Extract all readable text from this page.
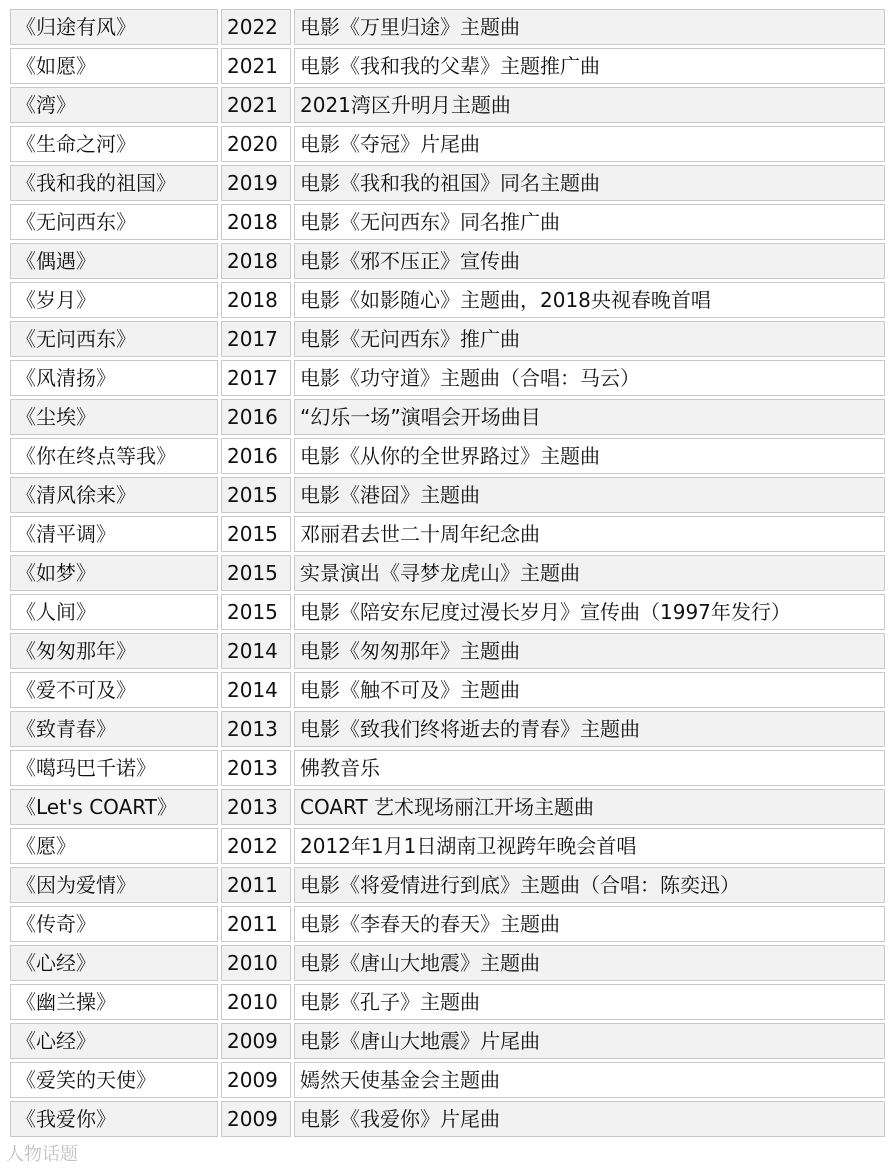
《归途有风》	2022	电影《万里归途》主题曲
《如愿》	2021	电影《我和我的父辈》主题推广曲
《湾》	2021	2021湾区升明月主题曲
《生命之河》	2020	电影《夺冠》片尾曲
《我和我的祖国》	2019	电影《我和我的祖国》同名主题曲
《无问西东》	2018	电影《无问西东》同名推广曲
《偶遇》	2018	电影《邪不压正》宣传曲
《岁月》	2018	电影《如影随心》主题曲，2018央视春晚首唱
《无问西东》	2017	电影《无问西东》推广曲
《风清扬》	2017	电影《功守道》主题曲（合唱：马云）
《尘埃》	2016	“幻乐一场”演唱会开场曲目
《你在终点等我》	2016	电影《从你的全世界路过》主题曲
《清风徐来》	2015	电影《港囧》主题曲
《清平调》	2015	邓丽君去世二十周年纪念曲
《如梦》	2015	实景演出《寻梦龙虎山》主题曲
《人间》	2015	电影《陪安东尼度过漫长岁月》宣传曲（1997年发行）
《匆匆那年》	2014	电影《匆匆那年》主题曲
《爱不可及》	2014	电影《触不可及》主题曲
《致青春》	2013	电影《致我们终将逝去的青春》主题曲
《噶玛巴千诺》	2013	佛教音乐
《Let's COART》	2013	COART 艺术现场丽江开场主题曲
《愿》	2012	2012年1月1日湖南卫视跨年晚会首唱
《因为爱情》	2011	电影《将爱情进行到底》主题曲（合唱：陈奕迅）
《传奇》	2011	电影《李春天的春天》主题曲
《心经》	2010	电影《唐山大地震》主题曲
《幽兰操》	2010	电影《孔子》主题曲
《心经》	2009	电影《唐山大地震》片尾曲
《爱笑的天使》	2009	嫣然天使基金会主题曲
《我爱你》	2009	电影《我爱你》片尾曲
人物话题
